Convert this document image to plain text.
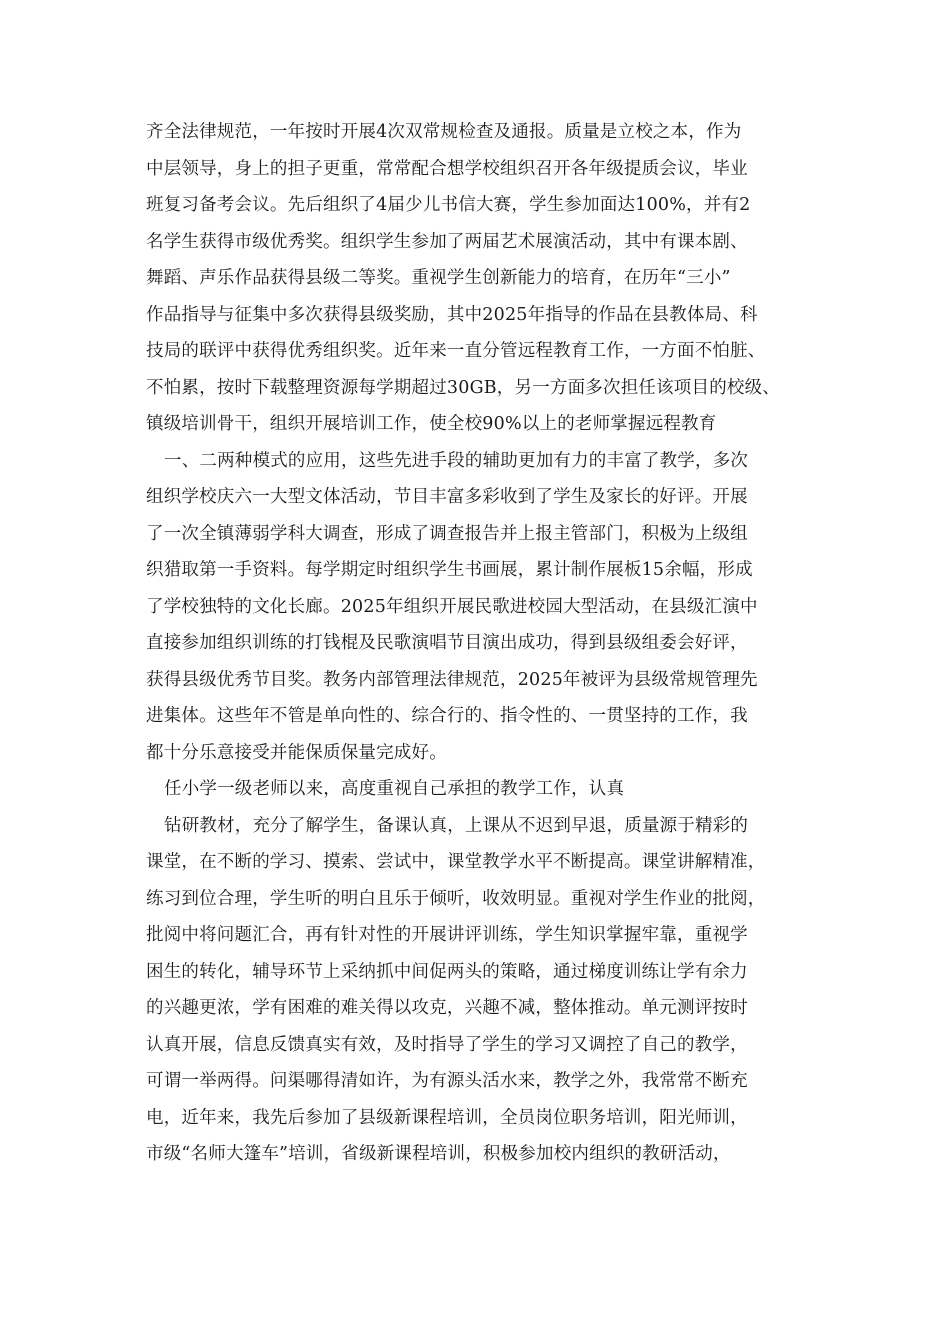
齐全法律规范，一年按时开展4次双常规检查及通报。质量是立校之本，作为
中层领导，身上的担子更重，常常配合想学校组织召开各年级提质会议，毕业
班复习备考会议。先后组织了4届少儿书信大赛，学生参加面达100%，并有2
名学生获得市级优秀奖。组织学生参加了两届艺术展演活动，其中有课本剧、
舞蹈、声乐作品获得县级二等奖。重视学生创新能力的培育，在历年“三小”
作品指导与征集中多次获得县级奖励，其中2025年指导的作品在县教体局、科
技局的联评中获得优秀组织奖。近年来一直分管远程教育工作，一方面不怕脏、
不怕累，按时下载整理资源每学期超过30GB，另一方面多次担任该项目的校级、
镇级培训骨干，组织开展培训工作，使全校90%以上的老师掌握远程教育
一、二两种模式的应用，这些先进手段的辅助更加有力的丰富了教学，多次
组织学校庆六一大型文体活动，节目丰富多彩收到了学生及家长的好评。开展
了一次全镇薄弱学科大调查，形成了调查报告并上报主管部门，积极为上级组
织猎取第一手资料。每学期定时组织学生书画展，累计制作展板15余幅，形成
了学校独特的文化长廊。2025年组织开展民歌进校园大型活动，在县级汇演中
直接参加组织训练的打钱棍及民歌演唱节目演出成功，得到县级组委会好评，
获得县级优秀节目奖。教务内部管理法律规范，2025年被评为县级常规管理先
进集体。这些年不管是单向性的、综合行的、指令性的、一贯坚持的工作，我
都十分乐意接受并能保质保量完成好。
任小学一级老师以来，高度重视自己承担的教学工作，认真
钻研教材，充分了解学生，备课认真，上课从不迟到早退，质量源于精彩的
课堂，在不断的学习、摸索、尝试中，课堂教学水平不断提高。课堂讲解精准，
练习到位合理，学生听的明白且乐于倾听，收效明显。重视对学生作业的批阅，
批阅中将问题汇合，再有针对性的开展讲评训练，学生知识掌握牢靠，重视学
困生的转化，辅导环节上采纳抓中间促两头的策略，通过梯度训练让学有余力
的兴趣更浓，学有困难的难关得以攻克，兴趣不减，整体推动。单元测评按时
认真开展，信息反馈真实有效，及时指导了学生的学习又调控了自己的教学，
可谓一举两得。问渠哪得清如许，为有源头活水来，教学之外，我常常不断充
电，近年来，我先后参加了县级新课程培训，全员岗位职务培训，阳光师训，
市级“名师大篷车”培训，省级新课程培训，积极参加校内组织的教研活动，
